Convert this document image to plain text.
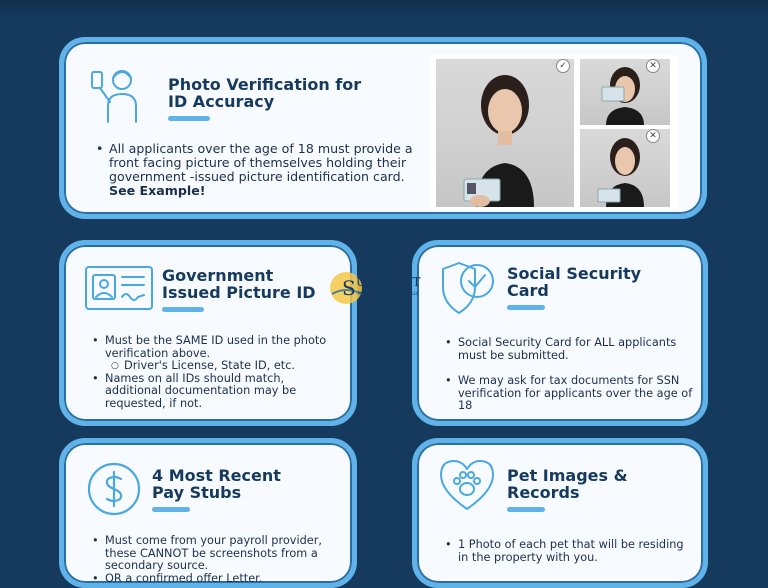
Photo Verification for
ID Accuracy
• All applicants over the age of 18 must provide a front facing picture of themselves holding their government -issued picture identification card. See Example!
✓	✕
✕
Government
Issued Picture ID
• Must be the SAME ID used in the photo verification above.
○ Driver's License, State ID, etc.
• Names on all IDs should match, additional documentation may be requested, if not.
Social Security
Card
• Social Security Card for ALL applicants must be submitted.
• We may ask for tax documents for SSN verification for applicants over the age of 18
4 Most Recent
Pay Stubs
• Must come from your payroll provider, these CANNOT be screenshots from a secondary source.
• OR a confirmed offer Letter.
Pet Images &
Records
• 1 Photo of each pet that will be residing in the property with you.
S UNCOAST
PROPERTY MANAGEMENT, LLC
